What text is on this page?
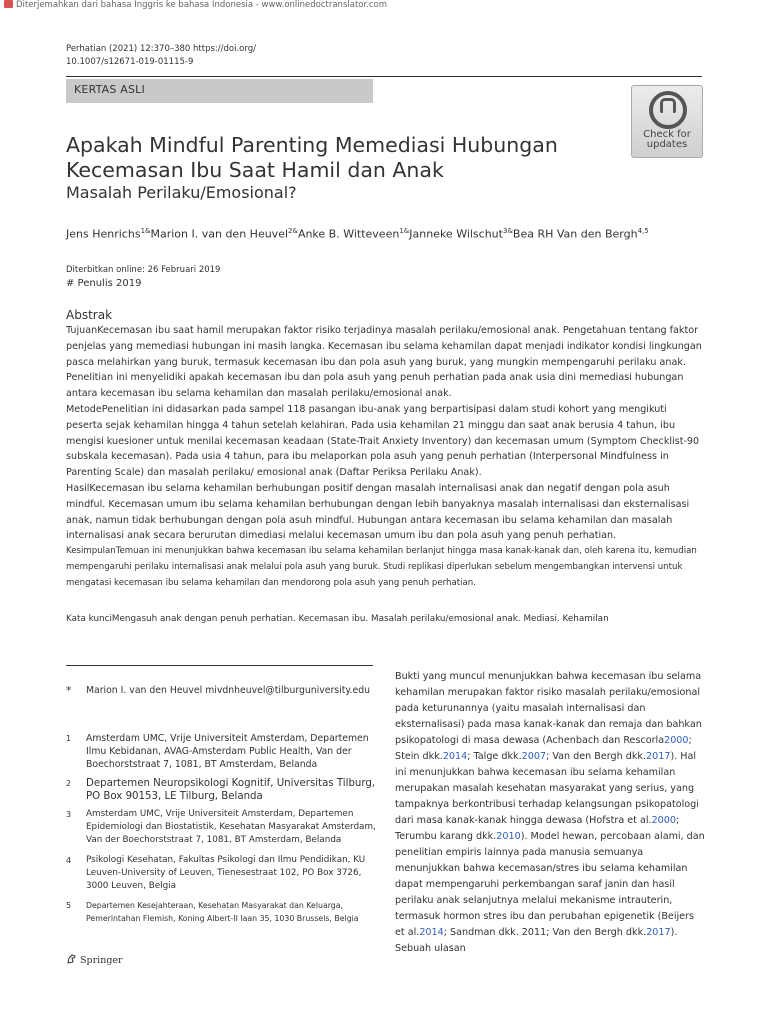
Diterjemahkan dari bahasa Inggris ke bahasa Indonesia - www.onlinedoctranslator.com
Perhatian (2021) 12:370–380 https://doi.org/
10.1007/s12671-019-01115-9
KERTAS ASLI
Check for
updates
Apakah Mindful Parenting Memediasi Hubungan Kecemasan Ibu Saat Hamil dan Anak
Masalah Perilaku/Emosional?
Jens Henrichs$^{1\&}$Marion I. van den Heuvel$^{2\&}$Anke B. Witteveen$^{1\&}$Janneke Wilschut$^{3\&}$Bea RH Van den Bergh$^{4,5}$
Diterbitkan online: 26 Februari 2019
# Penulis 2019
Abstrak

TujuanKecemasan ibu saat hamil merupakan faktor risiko terjadinya masalah perilaku/emosional anak. Pengetahuan tentang faktor penjelas yang memediasi hubungan ini masih langka. Kecemasan ibu selama kehamilan dapat menjadi indikator kondisi lingkungan pasca melahirkan yang buruk, termasuk kecemasan ibu dan pola asuh yang buruk, yang mungkin mempengaruhi perilaku anak. Penelitian ini menyelidiki apakah kecemasan ibu dan pola asuh yang penuh perhatian pada anak usia dini memediasi hubungan antara kecemasan ibu selama kehamilan dan masalah perilaku/emosional anak.

MetodePenelitian ini didasarkan pada sampel 118 pasangan ibu-anak yang berpartisipasi dalam studi kohort yang mengikuti peserta sejak kehamilan hingga 4 tahun setelah kelahiran. Pada usia kehamilan 21 minggu dan saat anak berusia 4 tahun, ibu mengisi kuesioner untuk menilai kecemasan keadaan (State-Trait Anxiety Inventory) dan kecemasan umum (Symptom Checklist-90 subskala kecemasan). Pada usia 4 tahun, para ibu melaporkan pola asuh yang penuh perhatian (Interpersonal Mindfulness in Parenting Scale) dan masalah perilaku/ emosional anak (Daftar Periksa Perilaku Anak).

HasilKecemasan ibu selama kehamilan berhubungan positif dengan masalah internalisasi anak dan negatif dengan pola asuh mindful. Kecemasan umum ibu selama kehamilan berhubungan dengan lebih banyaknya masalah internalisasi dan eksternalisasi anak, namun tidak berhubungan dengan pola asuh mindful. Hubungan antara kecemasan ibu selama kehamilan dan masalah internalisasi anak secara berurutan dimediasi melalui kecemasan umum ibu dan pola asuh yang penuh perhatian.

KesimpulanTemuan ini menunjukkan bahwa kecemasan ibu selama kehamilan berlanjut hingga masa kanak-kanak dan, oleh karena itu, kemudian mempengaruhi perilaku internalisasi anak melalui pola asuh yang buruk. Studi replikasi diperlukan sebelum mengembangkan intervensi untuk mengatasi kecemasan ibu selama kehamilan dan mendorong pola asuh yang penuh perhatian.

Kata kunciMengasuh anak dengan penuh perhatian. Kecemasan ibu. Masalah perilaku/emosional anak. Mediasi. Kehamilan
* Marion I. van den Heuvel mivdnheuvel@tilburguniversity.edu
1 Amsterdam UMC, Vrije Universiteit Amsterdam, Departemen Ilmu Kebidanan, AVAG-Amsterdam Public Health, Van der Boechorststraat 7, 1081, BT Amsterdam, Belanda
2 Departemen Neuropsikologi Kognitif, Universitas Tilburg, PO Box 90153, LE Tilburg, Belanda
3 Amsterdam UMC, Vrije Universiteit Amsterdam, Departemen Epidemiologi dan Biostatistik, Kesehatan Masyarakat Amsterdam, Van der Boechorststraat 7, 1081, BT Amsterdam, Belanda
4 Psikologi Kesehatan, Fakultas Psikologi dan Ilmu Pendidikan, KU Leuven-University of Leuven, Tienesestraat 102, PO Box 3726, 3000 Leuven, Belgia
5 Departemen Kesejahteraan, Kesehatan Masyarakat dan Keluarga, Pemerintahan Flemish, Koning Albert-II laan 35, 1030 Brussels, Belgia
Bukti yang muncul menunjukkan bahwa kecemasan ibu selama kehamilan merupakan faktor risiko masalah perilaku/emosional pada keturunannya (yaitu masalah internalisasi dan eksternalisasi) pada masa kanak-kanak dan remaja dan bahkan psikopatologi di masa dewasa (Achenbach dan Rescorla2000; Stein dkk.2014; Talge dkk.2007; Van den Bergh dkk.2017). Hal ini menunjukkan bahwa kecemasan ibu selama kehamilan merupakan masalah kesehatan masyarakat yang serius, yang tampaknya berkontribusi terhadap kelangsungan psikopatologi dari masa kanak-kanak hingga dewasa (Hofstra et al.2000; Terumbu karang dkk.2010). Model hewan, percobaan alami, dan penelitian empiris lainnya pada manusia semuanya menunjukkan bahwa kecemasan/stres ibu selama kehamilan dapat mempengaruhi perkembangan saraf janin dan hasil perilaku anak selanjutnya melalui mekanisme intrauterin, termasuk hormon stres ibu dan perubahan epigenetik (Beijers et al.2014; Sandman dkk. 2011; Van den Bergh dkk.2017). Sebuah ulasan
Springer
